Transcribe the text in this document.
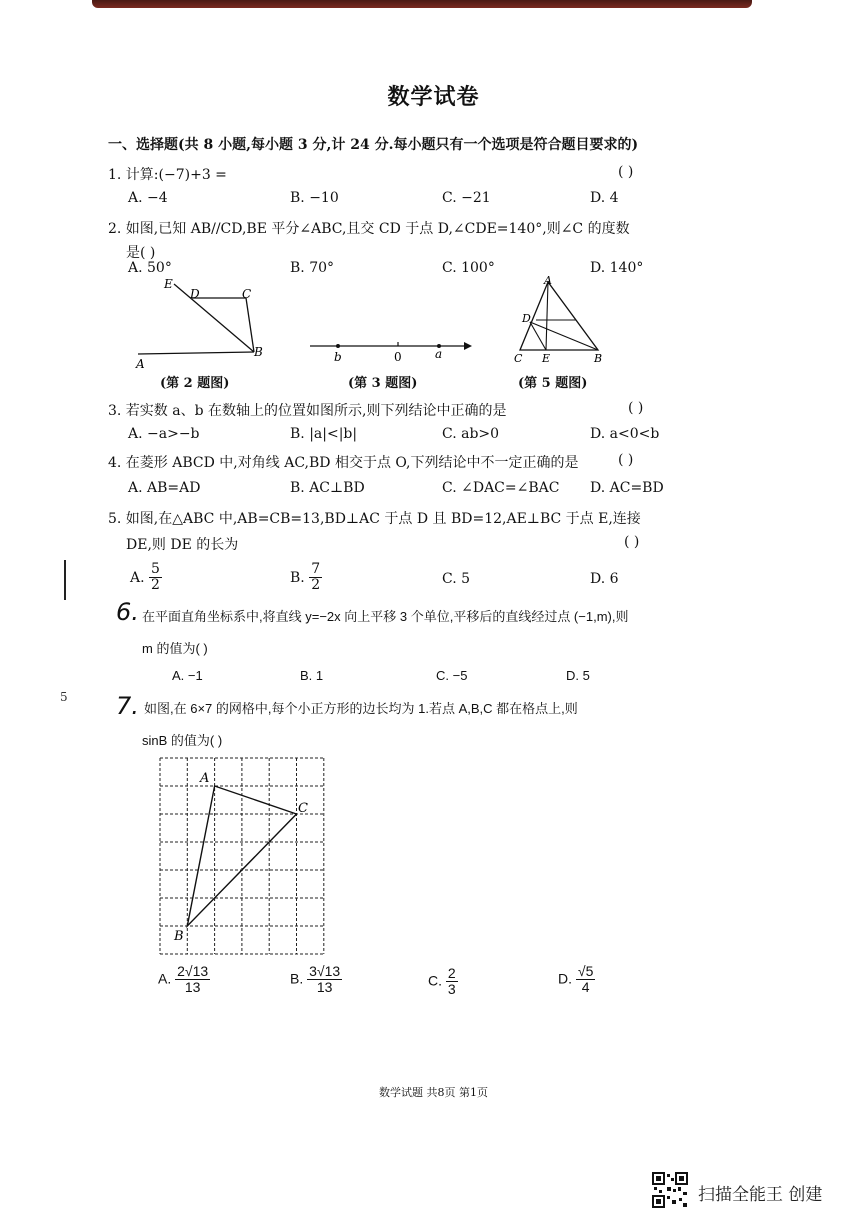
数学试卷
一、选择题(共 8 小题,每小题 3 分,计 24 分.每小题只有一个选项是符合题目要求的)
1. 计算:(−7)+3 =	( )
A. −4	B. −10	C. −21	D. 4
2. 如图,已知 AB//CD,BE 平分∠ABC,且交 CD 于点 D,∠CDE=140°,则∠C 的度数
是( )
A. 50°	B. 70°	C. 100°	D. 140°
E
D	C
A
B
(第 2 题图)
b	0	a
(第 3 题图)
A
D
C E	B
(第 5 题图)
3. 若实数 a、b 在数轴上的位置如图所示,则下列结论中正确的是	( )
A. −a>−b	B. |a|<|b|	C. ab>0	D. a<0<b
4. 在菱形 ABCD 中,对角线 AC,BD 相交于点 O,下列结论中不一定正确的是	( )
A. AB=AD	B. AC⊥BD	C. ∠DAC=∠BAC D. AC=BD
5. 如图,在△ABC 中,AB=CB=13,BD⊥AC 于点 D 且 BD=12,AE⊥BC 于点 E,连接
DE,则 DE 的长为	( )
A. $\frac{5}{2}$	B. $\frac{7}{2}$	C. 5	D. 6
6. 在平面直角坐标系中,将直线 y=−2x 向上平移 3 个单位,平移后的直线经过点 (−1,m),则
m 的值为( )
A. −1	B. 1	C. −5	D. 5
5 7. 如图,在 6×7 的网格中,每个小正方形的边长均为 1.若点 A,B,C 都在格点上,则
sinB 的值为( )
A
B
C
A. $\frac{2√13}{13}$	B. $\frac{3√13}{13}$	C. $\frac{2}{3}$	D. $\frac{√5}{4}$
数学试题 共8页 第1页
扫描全能王 创建
